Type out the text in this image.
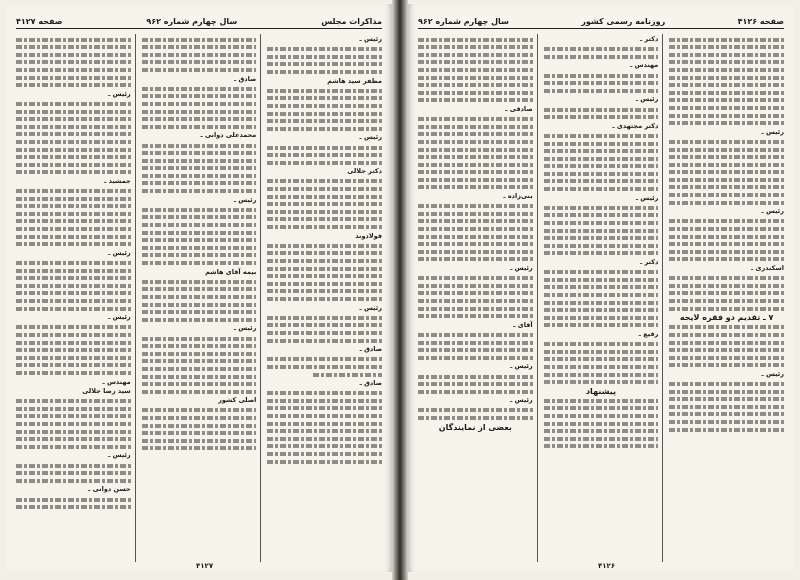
مذاکرات مجلس
سال چهارم شماره ۹۶۲
صفحه ۴۱۲۷
رئیس ـ
مظفر سید هاشم
رئیس ـ
دکتر جلالی
فولادوند
رئیس ـ
صادق ـ
صادق ـ
صادق ـ
محمدعلی دوانی ـ
رئیس ـ
بیمه آقای هاشم
رئیس ـ
اصلی کشور
رئیس ـ
جمشید ـ
رئیس ـ
رئیس ـ
مهندس ـ
سید رضا جلالی
رئیس ـ
حسن دوانی ـ
۴۱۲۷
صفحه ۴۱۲۶
روزنامه رسمی کشور
سال چهارم شماره ۹۶۲
رئیس ـ
رئیس ـ
اسکندری ـ
۷ ـ تقدیم دو فقره لایحه
رئیس ـ
دکتر ـ
مهندس ـ
رئیس ـ
دکتر مجتهدی ـ
رئیس ـ
دکتر ـ
رفیع ـ
پیشنهاد
صادقی ـ
بنی‌زاده ـ
رئیس ـ
آقای ـ
رئیس ـ
رئیس ـ
بعضی از نمایندگان
۴۱۲۶
